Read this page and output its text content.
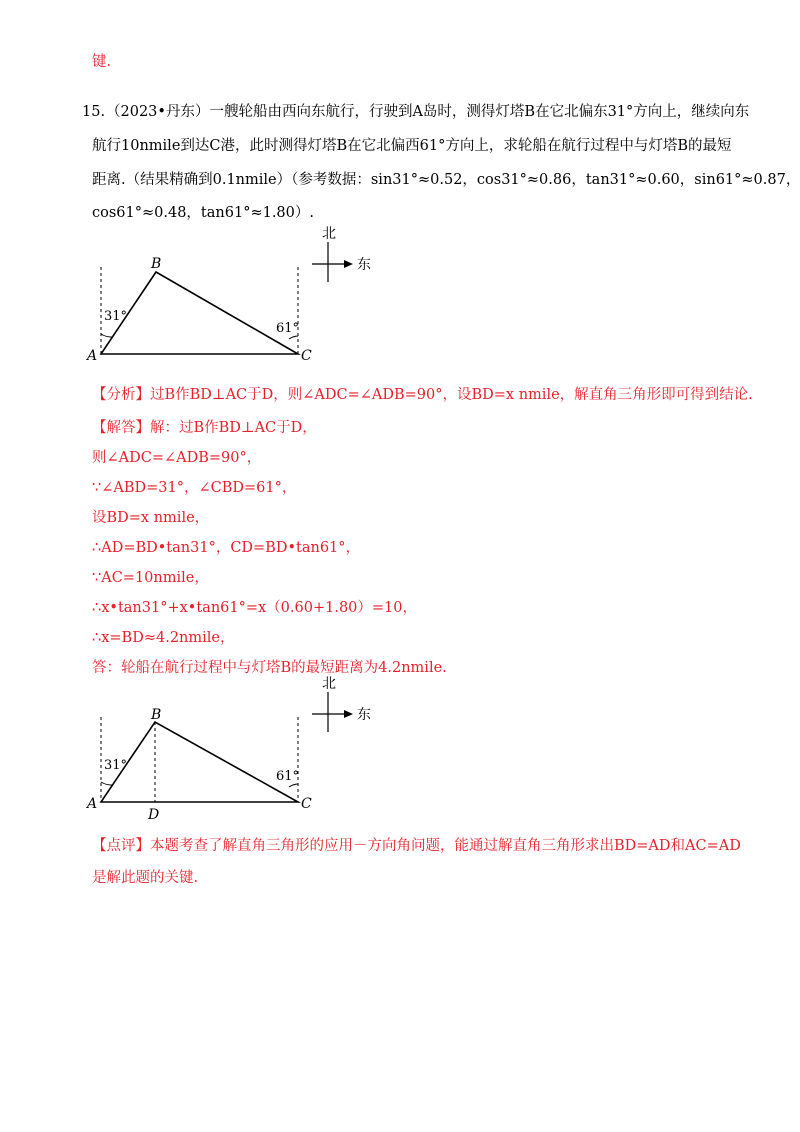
键.
15. （2023•丹东）一艘轮船由西向东航行，行驶到A岛时，测得灯塔B在它北偏东31°方向上，继续向东
航行10nmile到达C港，此时测得灯塔B在它北偏西61°方向上，求轮船在航行过程中与灯塔B的最短
距离.（结果精确到0.1nmile）（参考数据：sin31°≈0.52，cos31°≈0.86，tan31°≈0.60，sin61°≈0.87，
cos61°≈0.48，tan61°≈1.80）.
A
B
C
31°
61°
北
东
【分析】过B作BD⊥AC于D，则∠ADC=∠ADB=90°，设BD=x nmile，解直角三角形即可得到结论.
【解答】解：过B作BD⊥AC于D，
则∠ADC=∠ADB=90°，
∵∠ABD=31°，∠CBD=61°，
设BD=x nmile，
∴AD=BD•tan31°，CD=BD•tan61°，
∵AC=10nmile，
∴x•tan31°+x•tan61°=x（0.60+1.80）=10，
∴x=BD≈4.2nmile，
答：轮船在航行过程中与灯塔B的最短距离为4.2nmile.
A
B
C
D
31°
61°
北
东
【点评】本题考查了解直角三角形的应用－方向角问题，能通过解直角三角形求出BD=AD和AC=AD
是解此题的关键.
